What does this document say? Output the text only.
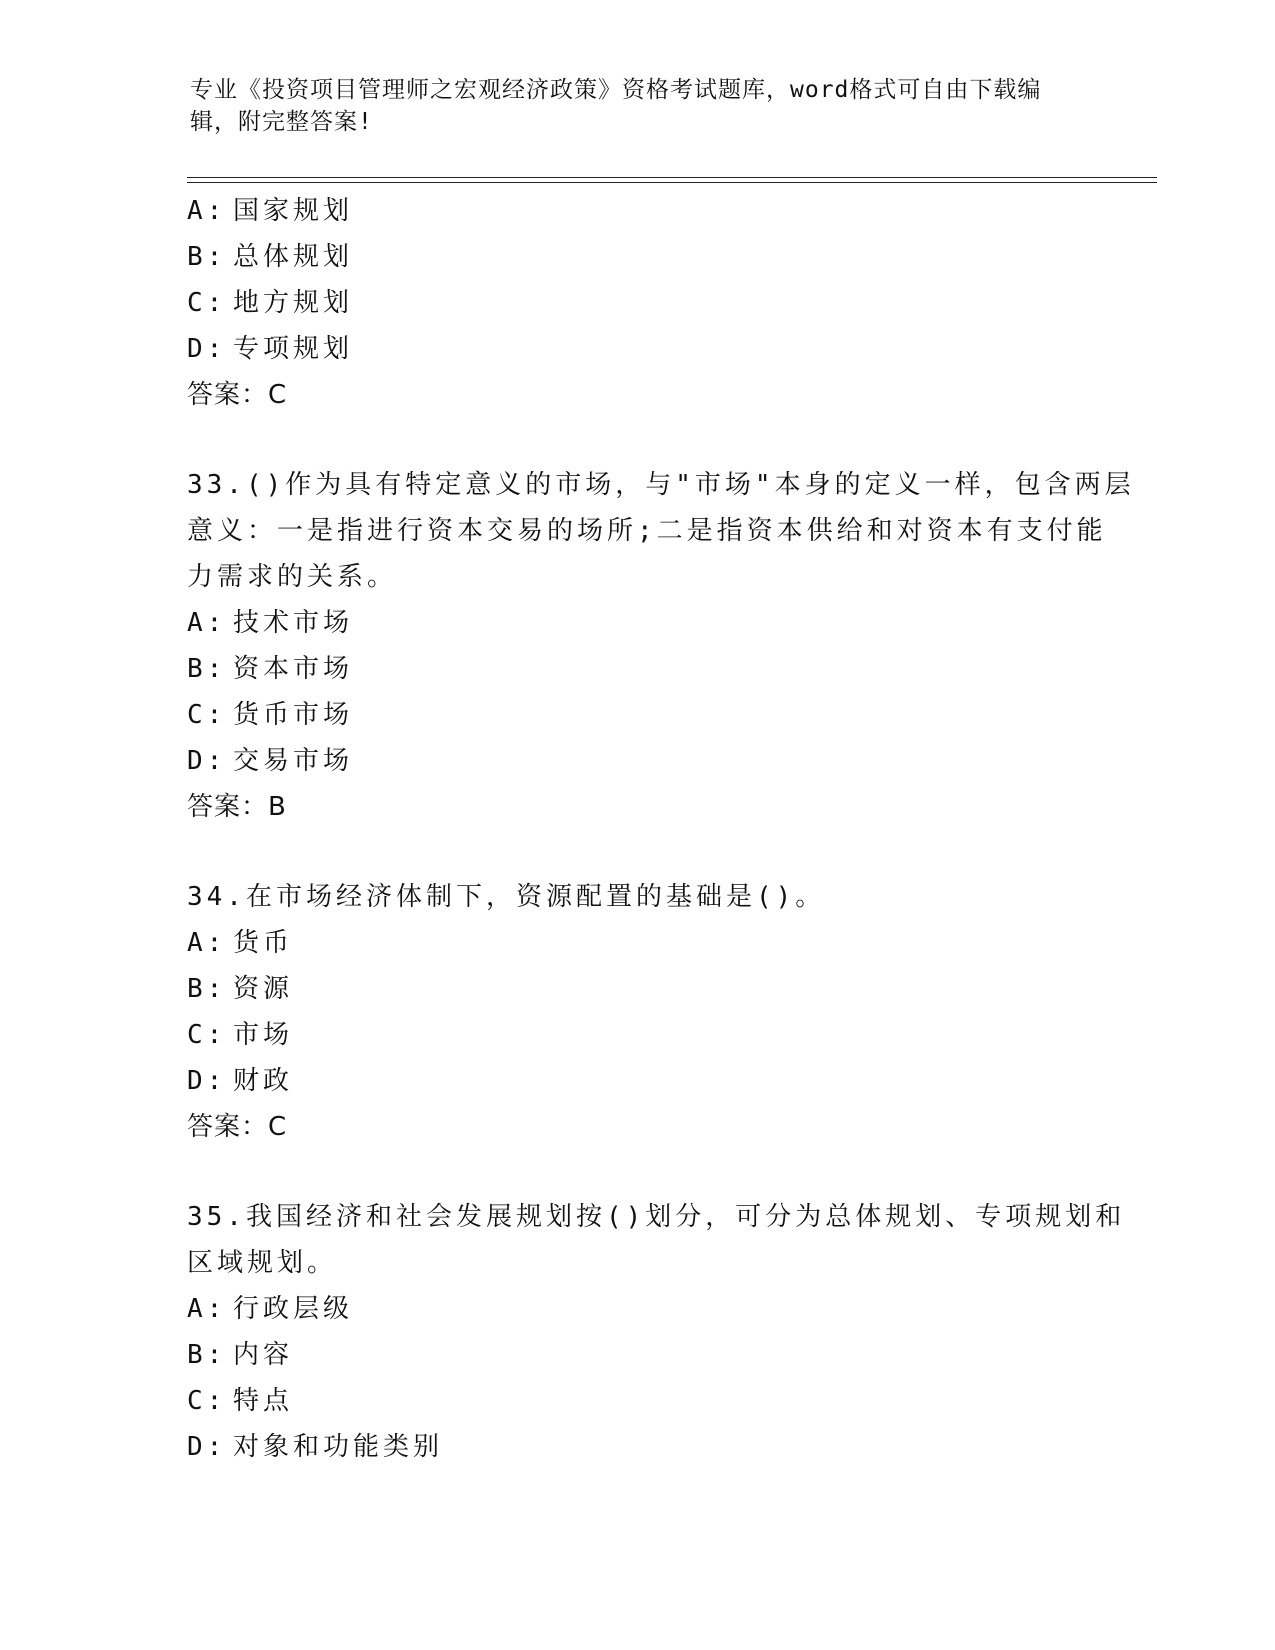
专业《投资项目管理师之宏观经济政策》资格考试题库，word格式可自由下载编
辑，附完整答案!
A: 国家规划
B: 总体规划
C: 地方规划
D: 专项规划
答案：C
33.()作为具有特定意义的市场，与"市场"本身的定义一样，包含两层
意义：一是指进行资本交易的场所;二是指资本供给和对资本有支付能
力需求的关系。
A: 技术市场
B: 资本市场
C: 货币市场
D: 交易市场
答案：B
34.在市场经济体制下，资源配置的基础是()。
A: 货币
B: 资源
C: 市场
D: 财政
答案：C
35.我国经济和社会发展规划按()划分，可分为总体规划、专项规划和
区域规划。
A: 行政层级
B: 内容
C: 特点
D: 对象和功能类别
